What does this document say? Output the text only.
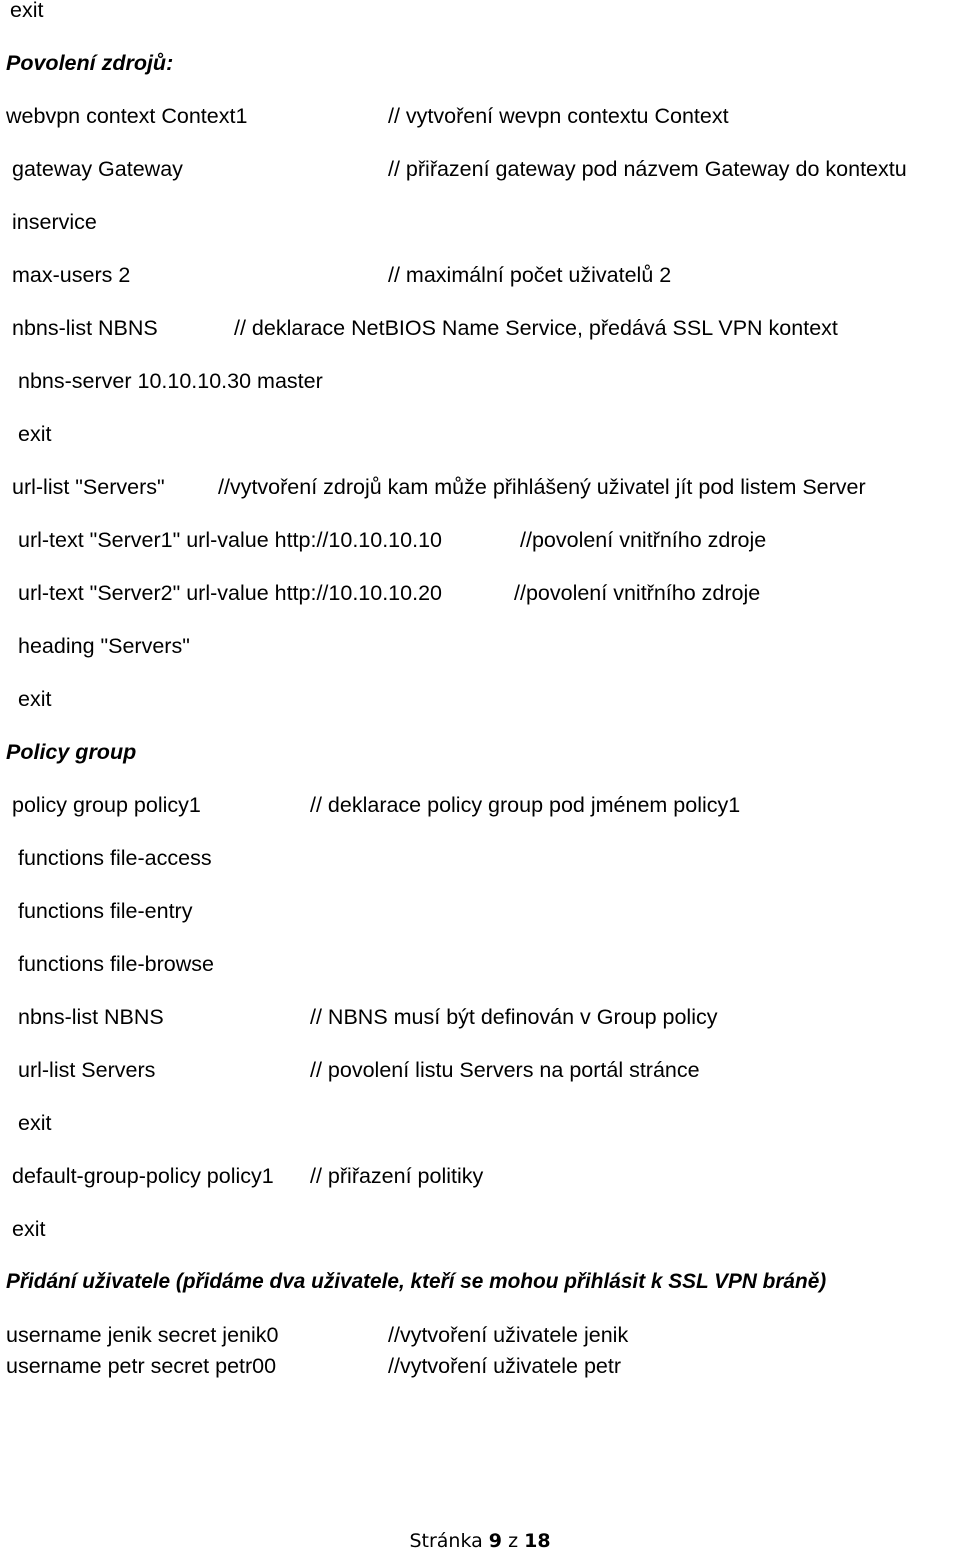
exit
Povolení zdrojů:
webvpn context Context1	// vytvoření wevpn contextu Context
gateway Gateway	// přiřazení gateway pod názvem Gateway do kontextu
inservice
max-users 2	// maximální počet uživatelů 2
nbns-list NBNS	// deklarace NetBIOS Name Service, předává SSL VPN kontext
nbns-server 10.10.10.30 master
exit
url-list "Servers" //vytvoření zdrojů kam může přihlášený uživatel jít pod listem Server
url-text "Server1" url-value http://10.10.10.10	//povolení vnitřního zdroje
url-text "Server2" url-value http://10.10.10.20	//povolení vnitřního zdroje
heading "Servers"
exit
Policy group
policy group policy1	// deklarace policy group pod jménem policy1
functions file-access
functions file-entry
functions file-browse
nbns-list NBNS	// NBNS musí být definován v Group policy
url-list Servers	// povolení listu Servers na portál stránce
exit
default-group-policy policy1 // přiřazení politiky
exit
Přidání uživatele (přidáme dva uživatele, kteří se mohou přihlásit k SSL VPN bráně)
username jenik secret jenik0	//vytvoření uživatele jenik
username petr secret petr00	//vytvoření uživatele petr
Stránka 9 z 18
